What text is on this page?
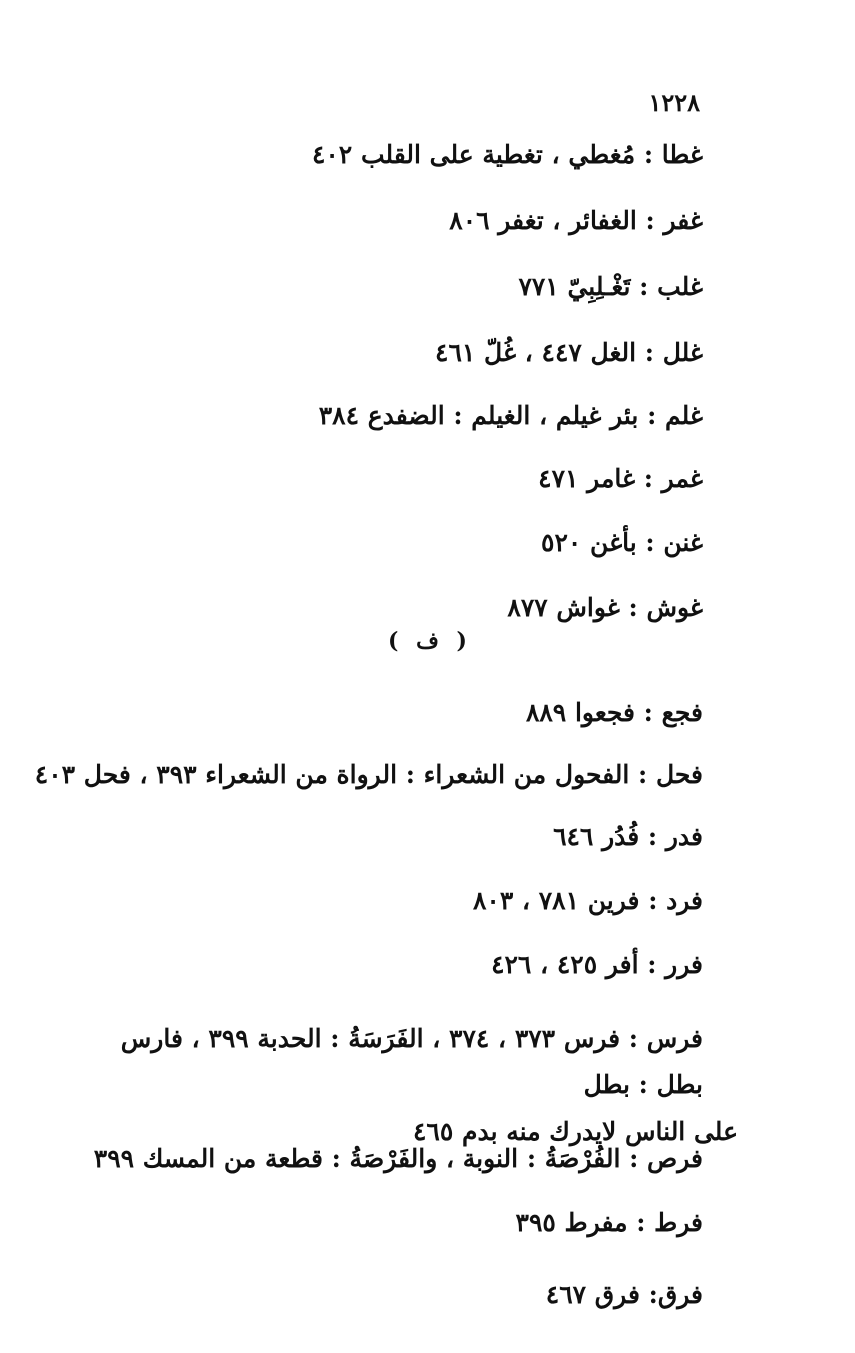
١٢٢٨
غطا : مُغطي ، تغطية على القلب ٤٠٢
غفر : الغفائر ، تغفر ٨٠٦
غلب : تَغْـلِبِيّ ٧٧١
غلل : الغل ٤٤٧ ، غُلّ ٤٦١
غلم : بئر غيلم ، الغيلم : الضفدع ٣٨٤
غمر : غامر ٤٧١
غنن : بأغن ٥٢٠
غوش : غواش ٨٧٧
( ف )
فجع : فجعوا ٨٨٩
فحل : الفحول من الشعراء : الرواة من الشعراء ٣٩٣ ، فحل ٤٠٣
فدر : فُدُر ٦٤٦
فرد : فرين ٧٨١ ، ٨٠٣
فرر : أفر ٤٢٥ ، ٤٢٦
فرس : فرس ٣٧٣ ، ٣٧٤ ، الفَرَسَةُ : الحدبة ٣٩٩ ، فارس بطل : بطل
على الناس لايدرك منه بدم ٤٦٥
فرص : الفُرْصَةُ : النوبة ، والفَرْصَةُ : قطعة من المسك ٣٩٩
فرط : مفرط ٣٩٥
فرق: فرق ٤٦٧
